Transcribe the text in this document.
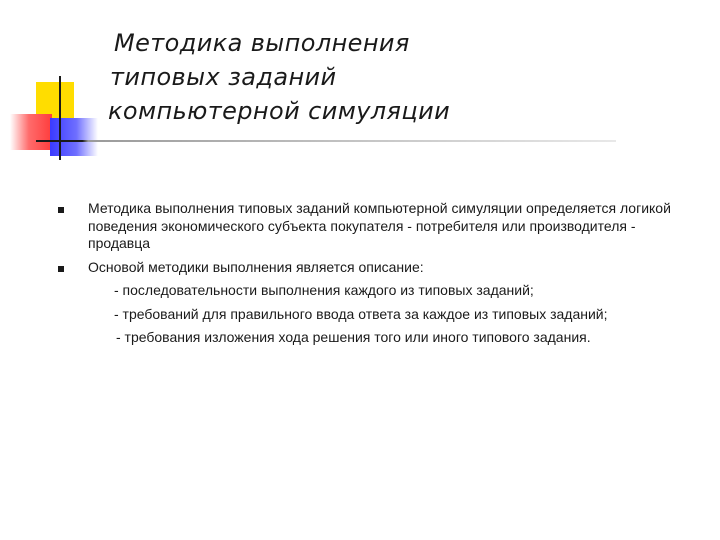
Методика выполнения
типовых заданий
компьютерной симуляции
Методика выполнения типовых заданий компьютерной симуляции определяется логикой поведения экономического субъекта покупателя - потребителя или производителя - продавца
Основой методики выполнения является описание:
- последовательности выполнения каждого из типовых заданий;
- требований для правильного ввода ответа за каждое из типовых заданий;
- требования изложения хода решения того или иного типового задания.
